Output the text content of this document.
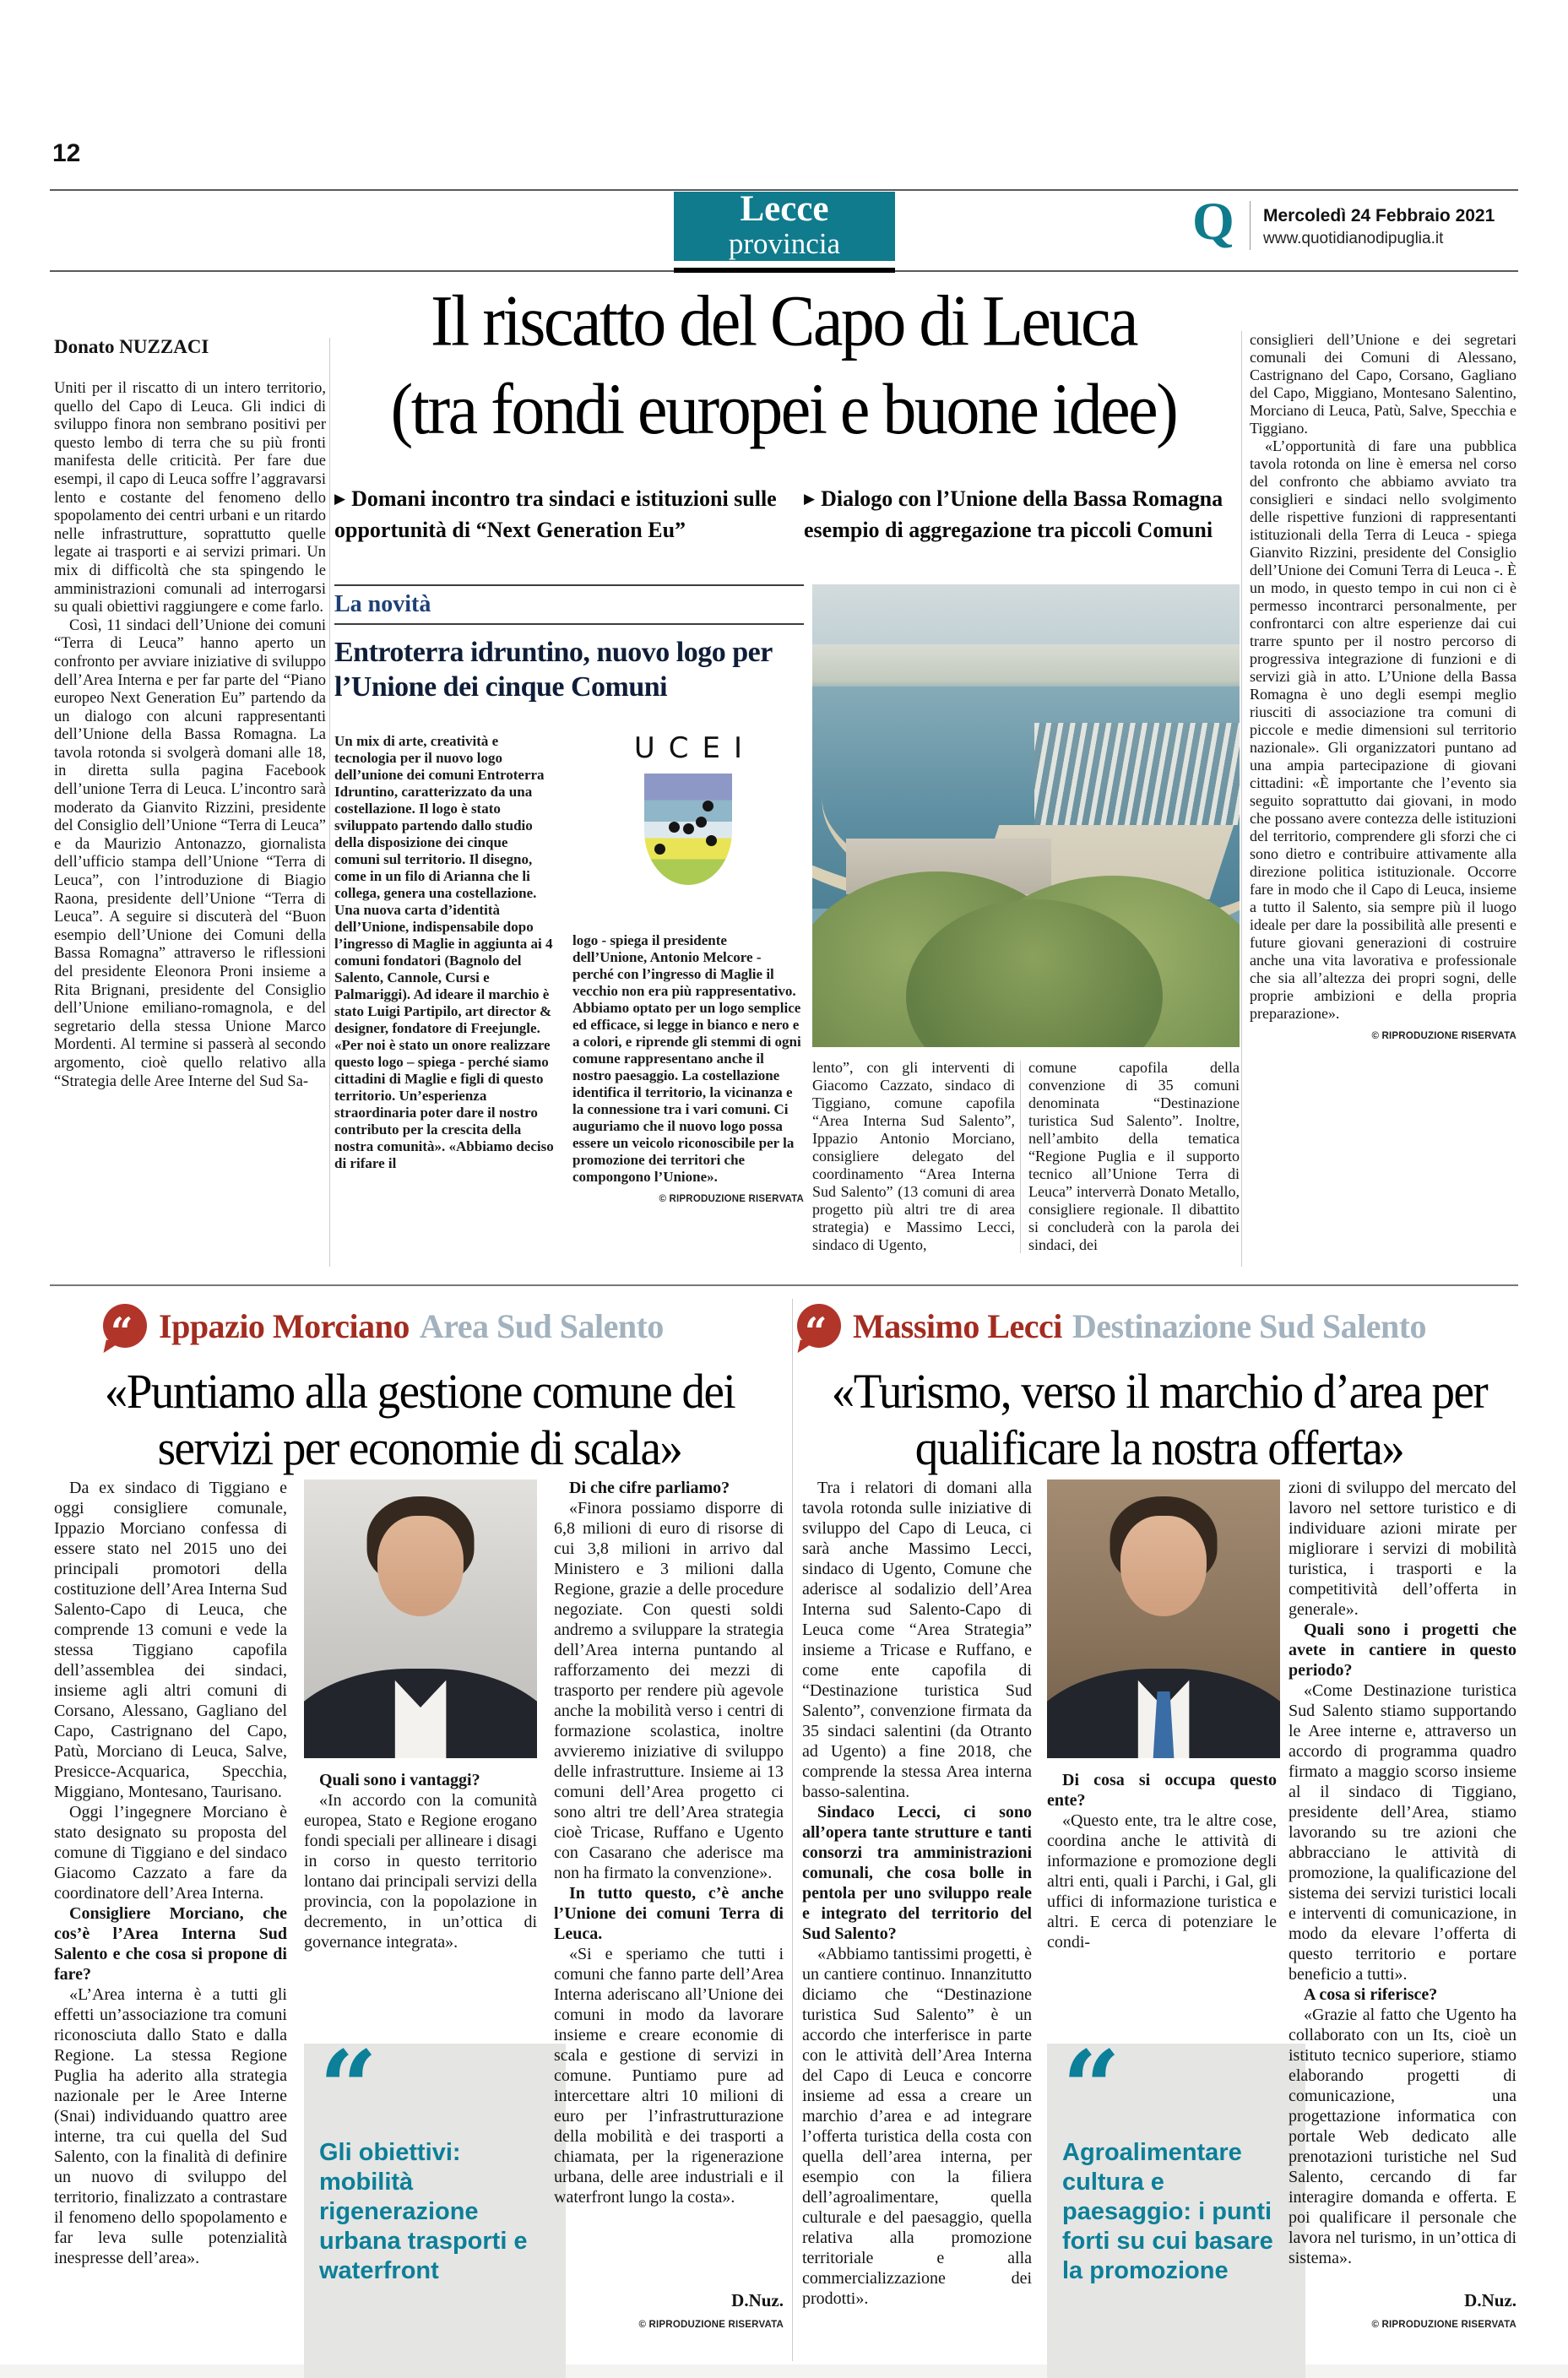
12
Lecce
provincia	Q Mercoledì 24 Febbraio 2021
www.quotidianodipuglia.it
Il riscatto del Capo di Leuca
(tra fondi europei e buone idee)
▶ Domani incontro tra sindaci e istituzioni sulle opportunità di “Next Generation Eu”
▶ Dialogo con l’Unione della Bassa Romagna esempio di aggregazione tra piccoli Comuni

Donato NUZZACI

Uniti per il riscatto di un intero territorio, quello del Capo di Leuca. Gli indici di sviluppo finora non sembrano positivi per questo lembo di terra che su più fronti manifesta delle criticità. Per fare due esempi, il capo di Leuca soffre l’aggravarsi lento e costante del fenomeno dello spopolamento dei centri urbani e un ritardo nelle infrastrutture, soprattutto quelle legate ai trasporti e ai servizi primari. Un mix di difficoltà che sta spingendo le amministrazioni comunali ad interrogarsi su quali obiettivi raggiungere e come farlo.

Così, 11 sindaci dell’Unione dei comuni “Terra di Leuca” hanno aperto un confronto per avviare iniziative di sviluppo dell’Area Interna e per far parte del “Piano europeo Next Generation Eu” partendo da un dialogo con alcuni rappresentanti dell’Unione della Bassa Romagna. La tavola rotonda si svolgerà domani alle 18, in diretta sulla pagina Facebook dell’unione Terra di Leuca. L’incontro sarà moderato da Gianvito Rizzini, presidente del Consiglio dell’Unione “Terra di Leuca” e da Maurizio Antonazzo, giornalista dell’ufficio stampa dell’Unione “Terra di Leuca”, con l’introduzione di Biagio Raona, presidente dell’Unione “Terra di Leuca”. A seguire si discuterà del “Buon esempio dell’Unione dei Comuni della Bassa Romagna” attraverso le riflessioni del presidente Eleonora Proni insieme a Rita Brignani, presidente del Consiglio dell’Unione emiliano-romagnola, e del segretario della stessa Unione Marco Mordenti. Al termine si passerà al secondo argomento, cioè quello relativo alla “Strategia delle Aree Interne del Sud Sa-

consiglieri dell’Unione e dei segretari comunali dei Comuni di Alessano, Castrignano del Capo, Corsano, Gagliano del Capo, Miggiano, Montesano Salentino, Morciano di Leuca, Patù, Salve, Specchia e Tiggiano.

«L’opportunità di fare una pubblica tavola rotonda on line è emersa nel corso del confronto che abbiamo avviato tra consiglieri e sindaci nello svolgimento delle rispettive funzioni di rappresentanti istituzionali della Terra di Leuca - spiega Gianvito Rizzini, presidente del Consiglio dell’Unione dei Comuni Terra di Leuca -. È un modo, in questo tempo in cui non ci è permesso incontrarci personalmente, per confrontarci con altre esperienze dai cui trarre spunto per il nostro percorso di progressiva integrazione di funzioni e di servizi già in atto. L’Unione della Bassa Romagna è uno degli esempi meglio riusciti di associazione tra comuni di piccole e medie dimensioni sul territorio nazionale». Gli organizzatori puntano ad una ampia partecipazione di giovani cittadini: «È importante che l’evento sia seguito soprattutto dai giovani, in modo che possano avere contezza delle istituzioni del territorio, comprendere gli sforzi che ci sono dietro e contribuire attivamente alla direzione politica istituzionale. Occorre fare in modo che il Capo di Leuca, insieme a tutto il Salento, sia sempre più il luogo ideale per dare la possibilità alle presenti e future giovani generazioni di costruire anche una vita lavorativa e professionale che sia all’altezza dei propri sogni, delle proprie ambizioni e della propria preparazione».

© RIPRODUZIONE RISERVATA

La novità
Entroterra idruntino, nuovo logo per l’Unione dei cinque Comuni

Un mix di arte, creatività e tecnologia per il nuovo logo dell’unione dei comuni Entroterra Idruntino, caratterizzato da una costellazione. Il logo è stato sviluppato partendo dallo studio della disposizione dei cinque comuni sul territorio. Il disegno, come in un filo di Arianna che li collega, genera una costellazione. Una nuova carta d’identità dell’Unione, indispensabile dopo l’ingresso di Maglie in aggiunta ai 4 comuni fondatori (Bagnolo del Salento, Cannole, Cursi e Palmariggi). Ad ideare il marchio è stato Luigi Partipilo, art director & designer, fondatore di Freejungle. «Per noi è stato un onore realizzare questo logo – spiega - perché siamo cittadini di Maglie e figli di questo territorio. Un’esperienza straordinaria poter dare il nostro contributo per la crescita della nostra comunità». «Abbiamo deciso di rifare il

UCEI

logo - spiega il presidente dell’Unione, Antonio Melcore - perché con l’ingresso di Maglie il vecchio non era più rappresentativo. Abbiamo optato per un logo semplice ed efficace, si legge in bianco e nero e a colori, e riprende gli stemmi di ogni comune rappresentano anche il nostro paesaggio. La costellazione identifica il territorio, la vicinanza e la connessione tra i vari comuni. Ci auguriamo che il nuovo logo possa essere un veicolo riconoscibile per la promozione dei territori che compongono l’Unione».

© RIPRODUZIONE RISERVATA

lento”, con gli interventi di Giacomo Cazzato, sindaco di Tiggiano, comune capofila “Area Interna Sud Salento”, Ippazio Antonio Morciano, consigliere delegato del coordinamento “Area Interna Sud Salento” (13 comuni di area progetto più altri tre di area strategia) e Massimo Lecci, sindaco di Ugento,

comune capofila della convenzione di 35 comuni denominata “Destinazione turistica Sud Salento”. Inoltre, nell’ambito della tematica “Regione Puglia e il supporto tecnico all’Unione Terra di Leuca” interverrà Donato Metallo, consigliere regionale. Il dibattito si concluderà con la parola dei sindaci, dei

“ Ippazio Morciano Area Sud Salento
«Puntiamo alla gestione comune dei servizi per economie di scala»

Da ex sindaco di Tiggiano e oggi consigliere comunale, Ippazio Morciano confessa di essere stato nel 2015 uno dei principali promotori della costituzione dell’Area Interna Sud Salento-Capo di Leuca, che comprende 13 comuni e vede la stessa Tiggiano capofila dell’assemblea dei sindaci, insieme agli altri comuni di Corsano, Alessano, Gagliano del Capo, Castrignano del Capo, Patù, Morciano di Leuca, Salve, Presicce-Acquarica, Specchia, Miggiano, Montesano, Taurisano.

Oggi l’ingegnere Morciano è stato designato su proposta del comune di Tiggiano e del sindaco Giacomo Cazzato a fare da coordinatore dell’Area Interna.

Consigliere Morciano, che cos’è l’Area Interna Sud Salento e che cosa si propone di fare?

«L’Area interna è a tutti gli effetti un’associazione tra comuni riconosciuta dallo Stato e dalla Regione. La stessa Regione Puglia ha aderito alla strategia nazionale per le Aree Interne (Snai) individuando quattro aree interne, tra cui quella del Sud Salento, con la finalità di definire un nuovo di sviluppo del territorio, finalizzato a contrastare il fenomeno dello spopolamento e far leva sulle potenzialità inespresse dell’area».

Quali sono i vantaggi?

«In accordo con la comunità europea, Stato e Regione erogano fondi speciali per allineare i disagi in corso in questo territorio lontano dai principali servizi della provincia, con la popolazione in decremento, in un’ottica di governance integrata».

“
Gli obiettivi: mobilità rigenerazione urbana trasporti e waterfront

Di che cifre parliamo?

«Finora possiamo disporre di 6,8 milioni di euro di risorse di cui 3,8 milioni in arrivo dal Ministero e 3 milioni dalla Regione, grazie a delle procedure negoziate. Con questi soldi andremo a sviluppare la strategia dell’Area interna puntando al rafforzamento dei mezzi di trasporto per rendere più agevole anche la mobilità verso i centri di formazione scolastica, inoltre avvieremo iniziative di sviluppo delle infrastrutture. Insieme ai 13 comuni dell’Area progetto ci sono altri tre dell’Area strategia cioè Tricase, Ruffano e Ugento con Casarano che aderisce ma non ha firmato la convenzione».

In tutto questo, c’è anche l’Unione dei comuni Terra di Leuca.

«Si e speriamo che tutti i comuni che fanno parte dell’Area Interna aderiscano all’Unione dei comuni in modo da lavorare insieme e creare economie di scala e gestione di servizi in comune. Puntiamo pure ad intercettare altri 10 milioni di euro per l’infrastrutturazione della mobilità e dei trasporti a chiamata, per la rigenerazione urbana, delle aree industriali e il waterfront lungo la costa».

D.Nuz.

© RIPRODUZIONE RISERVATA

“ Massimo Lecci Destinazione Sud Salento
«Turismo, verso il marchio d’area per qualificare la nostra offerta»

Tra i relatori di domani alla tavola rotonda sulle iniziative di sviluppo del Capo di Leuca, ci sarà anche Massimo Lecci, sindaco di Ugento, Comune che aderisce al sodalizio dell’Area Interna sud Salento-Capo di Leuca come “Area Strategia” insieme a Tricase e Ruffano, e come ente capofila di “Destinazione turistica Sud Salento”, convenzione firmata da 35 sindaci salentini (da Otranto ad Ugento) a fine 2018, che comprende la stessa Area interna basso-salentina.

Sindaco Lecci, ci sono all’opera tante strutture e tanti consorzi tra amministrazioni comunali, che cosa bolle in pentola per uno sviluppo reale e integrato del territorio del Sud Salento?

«Abbiamo tantissimi progetti, è un cantiere continuo. Innanzitutto diciamo che “Destinazione turistica Sud Salento” è un accordo che interferisce in parte con le attività dell’Area Interna del Capo di Leuca e concorre insieme ad essa a creare un marchio d’area e ad integrare l’offerta turistica della costa con quella dell’area interna, per esempio con la filiera dell’agroalimentare, quella culturale e del paesaggio, quella relativa alla promozione territoriale e alla commercializzazione dei prodotti».

Di cosa si occupa questo ente?

«Questo ente, tra le altre cose, coordina anche le attività di informazione e promozione degli altri enti, quali i Parchi, i Gal, gli uffici di informazione turistica e altri. E cerca di potenziare le condi-

“
Agroalimentare cultura e paesaggio: i punti forti su cui basare la promozione

zioni di sviluppo del mercato del lavoro nel settore turistico e di individuare azioni mirate per migliorare i servizi di mobilità turistica, i trasporti e la competitività dell’offerta in generale».

Quali sono i progetti che avete in cantiere in questo periodo?

«Come Destinazione turistica Sud Salento stiamo supportando le Aree interne e, attraverso un accordo di programma quadro firmato a maggio scorso insieme al il sindaco di Tiggiano, presidente dell’Area, stiamo lavorando su tre azioni che abbracciano le attività di promozione, la qualificazione del sistema dei servizi turistici locali e interventi di comunicazione, in modo da elevare l’offerta di questo territorio e portare beneficio a tutti».

A cosa si riferisce?

«Grazie al fatto che Ugento ha collaborato con un Its, cioè un istituto tecnico superiore, stiamo elaborando progetti di comunicazione, una progettazione informatica con portale Web dedicato alle prenotazioni turistiche nel Sud Salento, cercando di far interagire domanda e offerta. E poi qualificare il personale che lavora nel turismo, in un’ottica di sistema».

D.Nuz.

© RIPRODUZIONE RISERVATA
